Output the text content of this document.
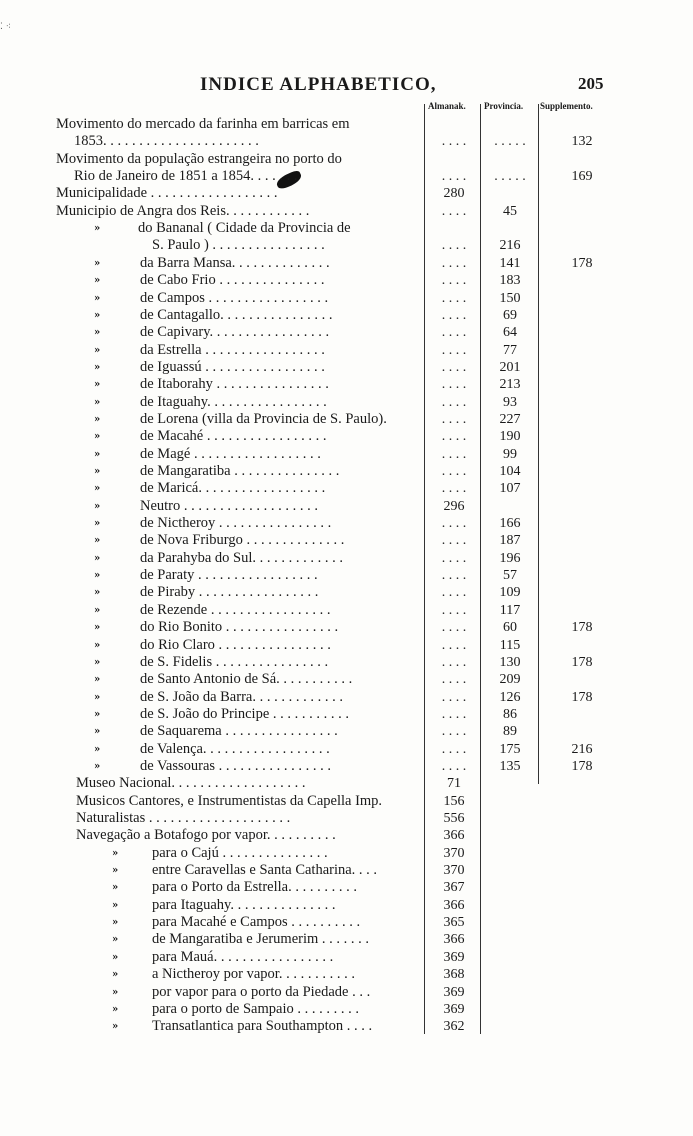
⁚ ⁖
INDICE ALPHABETICO,	205
Almanak. Provincia. Supplemento.
Movimento do mercado da farinha em barricas em
1853. . . . . . . . . . . . . . . . . . . . . .	. . . .	. . . . .	132
Movimento da população estrangeira no porto do
Rio de Janeiro de 1851 a 1854. . . . . . .	. . . .	. . . . .	169
Municipalidade . . . . . . . . . . . . . . . . . .	280
Municipio de Angra dos Reis. . . . . . . . . . . .	. . . .	45
»	do Bananal ( Cidade da Provincia de
S. Paulo ) . . . . . . . . . . . . . . . .	. . . .	216
»	da Barra Mansa. . . . . . . . . . . . . .	. . . .	141	178
»	de Cabo Frio . . . . . . . . . . . . . . .	. . . .	183
»	de Campos . . . . . . . . . . . . . . . . .	. . . .	150
»	de Cantagallo. . . . . . . . . . . . . . . .	. . . .	69
»	de Capivary. . . . . . . . . . . . . . . . .	. . . .	64
»	da Estrella . . . . . . . . . . . . . . . . .	. . . .	77
»	de Iguassú . . . . . . . . . . . . . . . . .	. . . .	201
»	de Itaborahy . . . . . . . . . . . . . . . .	. . . .	213
»	de Itaguahy. . . . . . . . . . . . . . . . .	. . . .	93
»	de Lorena (villa da Provincia de S. Paulo).	. . . .	227
»	de Macahé . . . . . . . . . . . . . . . . .	. . . .	190
»	de Magé . . . . . . . . . . . . . . . . . .	. . . .	99
»	de Mangaratiba . . . . . . . . . . . . . . .	. . . .	104
»	de Maricá. . . . . . . . . . . . . . . . . .	. . . .	107
»	Neutro . . . . . . . . . . . . . . . . . . .	296
»	de Nictheroy . . . . . . . . . . . . . . . .	. . . .	166
»	de Nova Friburgo . . . . . . . . . . . . . .	. . . .	187
»	da Parahyba do Sul. . . . . . . . . . . . .	. . . .	196
»	de Paraty . . . . . . . . . . . . . . . . .	. . . .	57
»	de Piraby . . . . . . . . . . . . . . . . .	. . . .	109
»	de Rezende . . . . . . . . . . . . . . . . .	. . . .	117
»	do Rio Bonito . . . . . . . . . . . . . . . .	. . . .	60	178
»	do Rio Claro . . . . . . . . . . . . . . . .	. . . .	115
»	de S. Fidelis . . . . . . . . . . . . . . . .	. . . .	130	178
»	de Santo Antonio de Sá. . . . . . . . . . .	. . . .	209
»	de S. João da Barra. . . . . . . . . . . . .	. . . .	126	178
»	de S. João do Principe . . . . . . . . . . .	. . . .	86
»	de Saquarema . . . . . . . . . . . . . . . .	. . . .	89
»	de Valença. . . . . . . . . . . . . . . . . .	. . . .	175	216
»	de Vassouras . . . . . . . . . . . . . . . .	. . . .	135	178
Museo Nacional. . . . . . . . . . . . . . . . . . .	71
Musicos Cantores, e Instrumentistas da Capella Imp.	156
Naturalistas . . . . . . . . . . . . . . . . . . . .	556
Navegação a Botafogo por vapor. . . . . . . . . .	366
» para o Cajú . . . . . . . . . . . . . . .	370
» entre Caravellas e Santa Catharina. . . .	370
» para o Porto da Estrella. . . . . . . . . .	367
» para Itaguahy. . . . . . . . . . . . . . .	366
» para Macahé e Campos . . . . . . . . . .	365
» de Mangaratiba e Jerumerim . . . . . . .	366
» para Mauá. . . . . . . . . . . . . . . . .	369
» a Nictheroy por vapor. . . . . . . . . . .	368
» por vapor para o porto da Piedade . . .	369
» para o porto de Sampaio . . . . . . . . .	369
» Transatlantica para Southampton . . . .	362
